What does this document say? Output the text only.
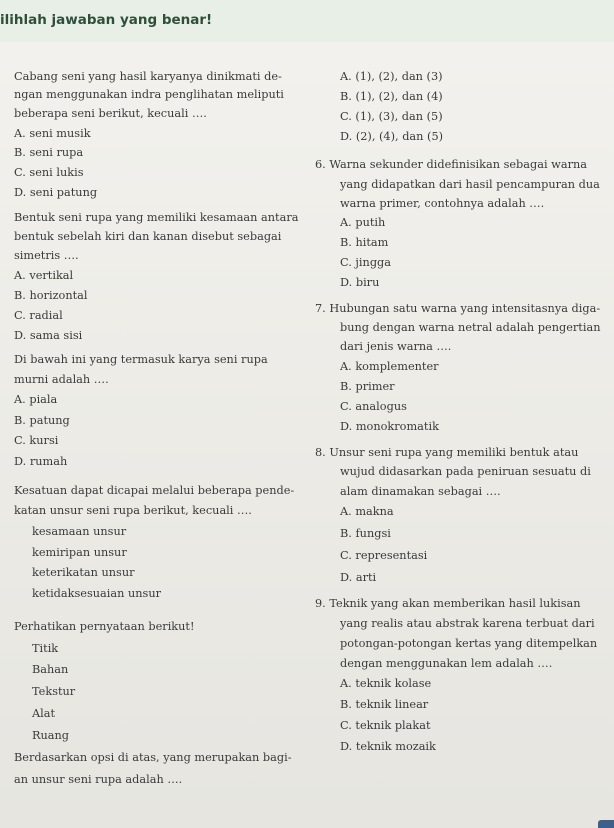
ilihlah jawaban yang benar!
Cabang seni yang hasil karyanya dinikmati de-
ngan menggunakan indra penglihatan meliputi
beberapa seni berikut, kecuali ….
A. seni musik
B. seni rupa
C. seni lukis
D. seni patung
Bentuk seni rupa yang memiliki kesamaan antara
bentuk sebelah kiri dan kanan disebut sebagai
simetris ….
A. vertikal
B. horizontal
C. radial
D. sama sisi
Di bawah ini yang termasuk karya seni rupa
murni adalah ….
A. piala
B. patung
C. kursi
D. rumah
Kesatuan dapat dicapai melalui beberapa pende-
katan unsur seni rupa berikut, kecuali ….
kesamaan unsur
kemiripan unsur
keterikatan unsur
ketidaksesuaian unsur
Perhatikan pernyataan berikut!
Titik
Bahan
Tekstur
Alat
Ruang
Berdasarkan opsi di atas, yang merupakan bagi-
an unsur seni rupa adalah ….
A. (1), (2), dan (3)
B. (1), (2), dan (4)
C. (1), (3), dan (5)
D. (2), (4), dan (5)
6. Warna sekunder didefinisikan sebagai warna
yang didapatkan dari hasil pencampuran dua
warna primer, contohnya adalah ….
A. putih
B. hitam
C. jingga
D. biru
7. Hubungan satu warna yang intensitasnya diga-
bung dengan warna netral adalah pengertian
dari jenis warna ….
A. komplementer
B. primer
C. analogus
D. monokromatik
8. Unsur seni rupa yang memiliki bentuk atau
wujud didasarkan pada peniruan sesuatu di
alam dinamakan sebagai ….
A. makna
B. fungsi
C. representasi
D. arti
9. Teknik yang akan memberikan hasil lukisan
yang realis atau abstrak karena terbuat dari
potongan-potongan kertas yang ditempelkan
dengan menggunakan lem adalah ….
A. teknik kolase
B. teknik linear
C. teknik plakat
D. teknik mozaik
